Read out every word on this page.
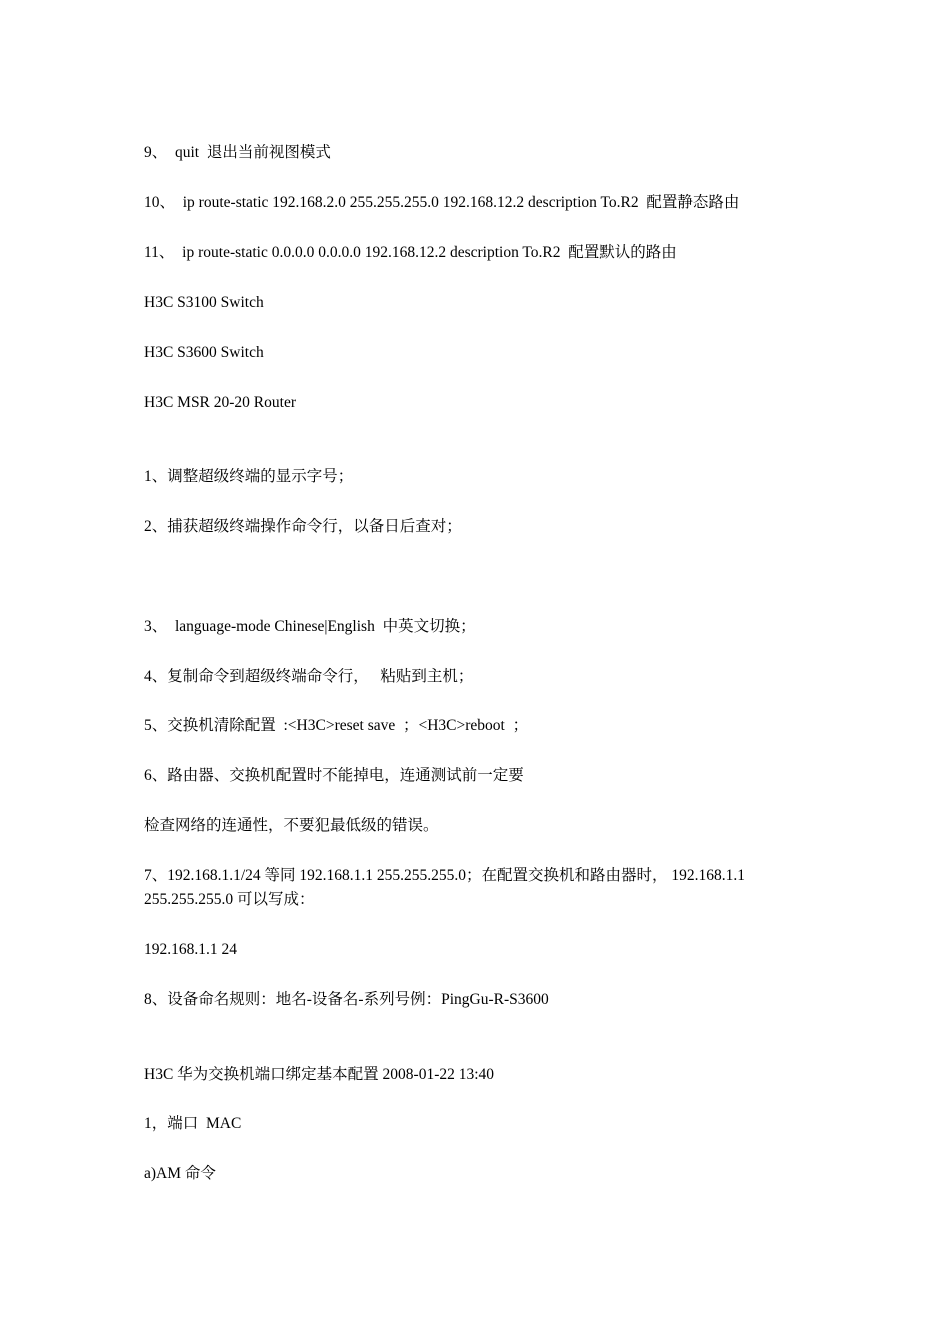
9、  quit  退出当前视图模式
10、  ip route-static 192.168.2.0 255.255.255.0 192.168.12.2 description To.R2  配置静态路由
11、  ip route-static 0.0.0.0 0.0.0.0 192.168.12.2 description To.R2  配置默认的路由
H3C S3100 Switch
H3C S3600 Switch
H3C MSR 20-20 Router
1、调整超级终端的显示字号；
2、捕获超级终端操作命令行，以备日后查对；
3、  language-mode Chinese|English  中英文切换；
4、复制命令到超级终端命令行，   粘贴到主机；
5、交换机清除配置  :<H3C>reset save  ；<H3C>reboot  ；
6、路由器、交换机配置时不能掉电，连通测试前一定要
检查网络的连通性，不要犯最低级的错误。
7、192.168.1.1/24 等同 192.168.1.1 255.255.255.0；在配置交换机和路由器时， 192.168.1.1 255.255.255.0 可以写成：
192.168.1.1 24
8、设备命名规则：地名-设备名-系列号例：PingGu-R-S3600
H3C 华为交换机端口绑定基本配置 2008-01-22 13:40
1，端口  MAC
a)AM 命令
